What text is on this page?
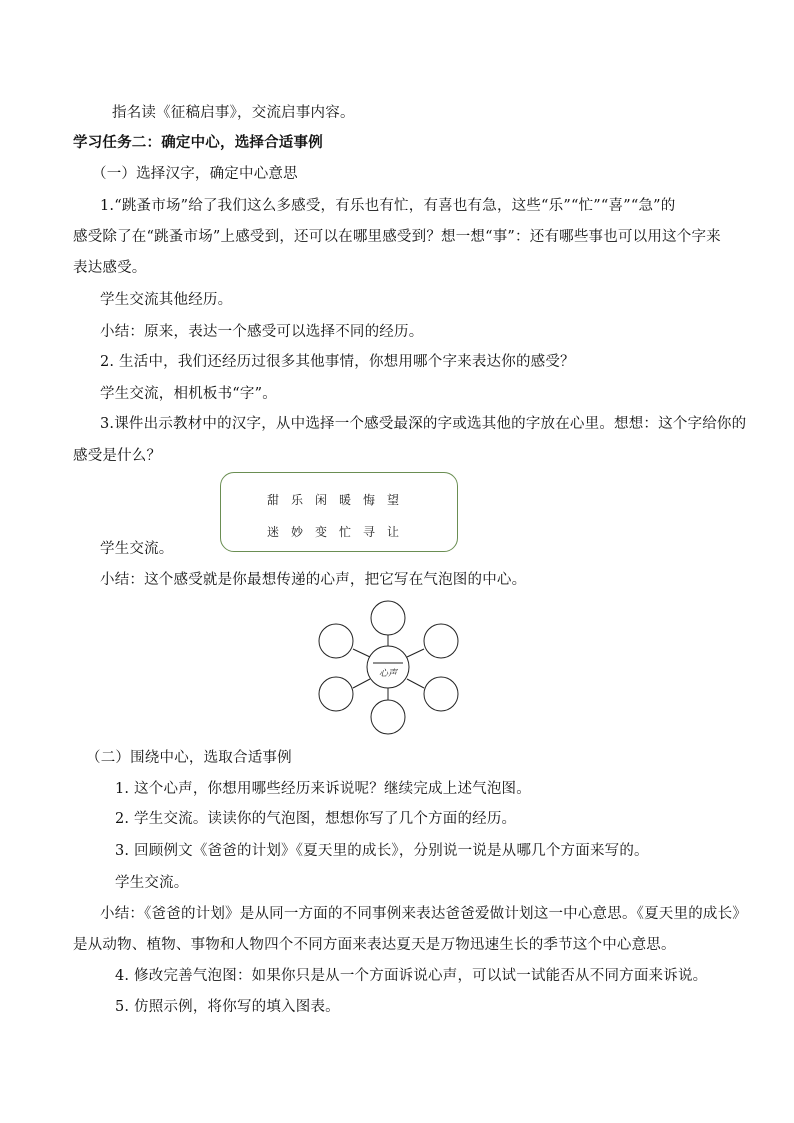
指名读《征稿启事》，交流启事内容。
学习任务二：确定中心，选择合适事例
（一）选择汉字，确定中心意思
1.“跳蚤市场”给了我们这么多感受，有乐也有忙，有喜也有急，这些“乐”“忙”“喜”“急”的
感受除了在“跳蚤市场”上感受到，还可以在哪里感受到？想一想“事”：还有哪些事也可以用这个字来
表达感受。
学生交流其他经历。
小结：原来，表达一个感受可以选择不同的经历。
2. 生活中，我们还经历过很多其他事情，你想用哪个字来表达你的感受？
学生交流，相机板书“字”。
3.课件出示教材中的汉字，从中选择一个感受最深的字或选其他的字放在心里。想想：这个字给你的
感受是什么？
甜乐闲暖悔望
迷妙变忙寻让
学生交流。
小结：这个感受就是你最想传递的心声，把它写在气泡图的中心。
心声
（二）围绕中心，选取合适事例
1. 这个心声，你想用哪些经历来诉说呢？继续完成上述气泡图。
2. 学生交流。读读你的气泡图，想想你写了几个方面的经历。
3. 回顾例文《爸爸的计划》《夏天里的成长》，分别说一说是从哪几个方面来写的。
学生交流。
小结：《爸爸的计划》是从同一方面的不同事例来表达爸爸爱做计划这一中心意思。《夏天里的成长》
是从动物、植物、事物和人物四个不同方面来表达夏天是万物迅速生长的季节这个中心意思。
4. 修改完善气泡图：如果你只是从一个方面诉说心声，可以试一试能否从不同方面来诉说。
5. 仿照示例，将你写的填入图表。
